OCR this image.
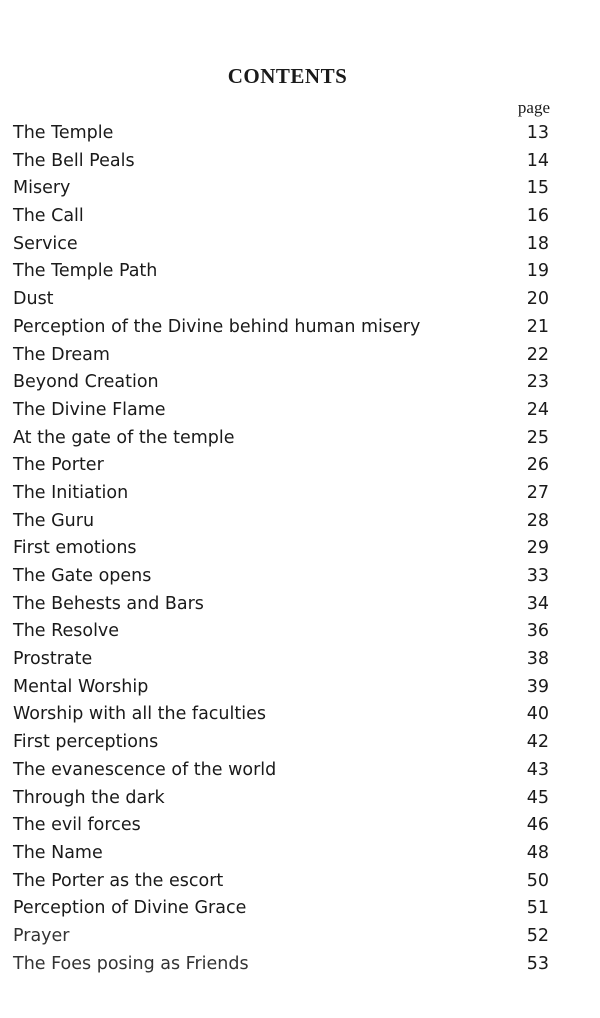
CONTENTS
page
The Temple	13
The Bell Peals	14
Misery	15
The Call	16
Service	18
The Temple Path	19
Dust	20
Perception of the Divine behind human misery	21
The Dream	22
Beyond Creation	23
The Divine Flame	24
At the gate of the temple	25
The Porter	26
The Initiation	27
The Guru	28
First emotions	29
The Gate opens	33
The Behests and Bars	34
The Resolve	36
Prostrate	38
Mental Worship	39
Worship with all the faculties	40
First perceptions	42
The evanescence of the world	43
Through the dark	45
The evil forces	46
The Name	48
The Porter as the escort	50
Perception of Divine Grace	51
Prayer	52
The Foes posing as Friends	53
